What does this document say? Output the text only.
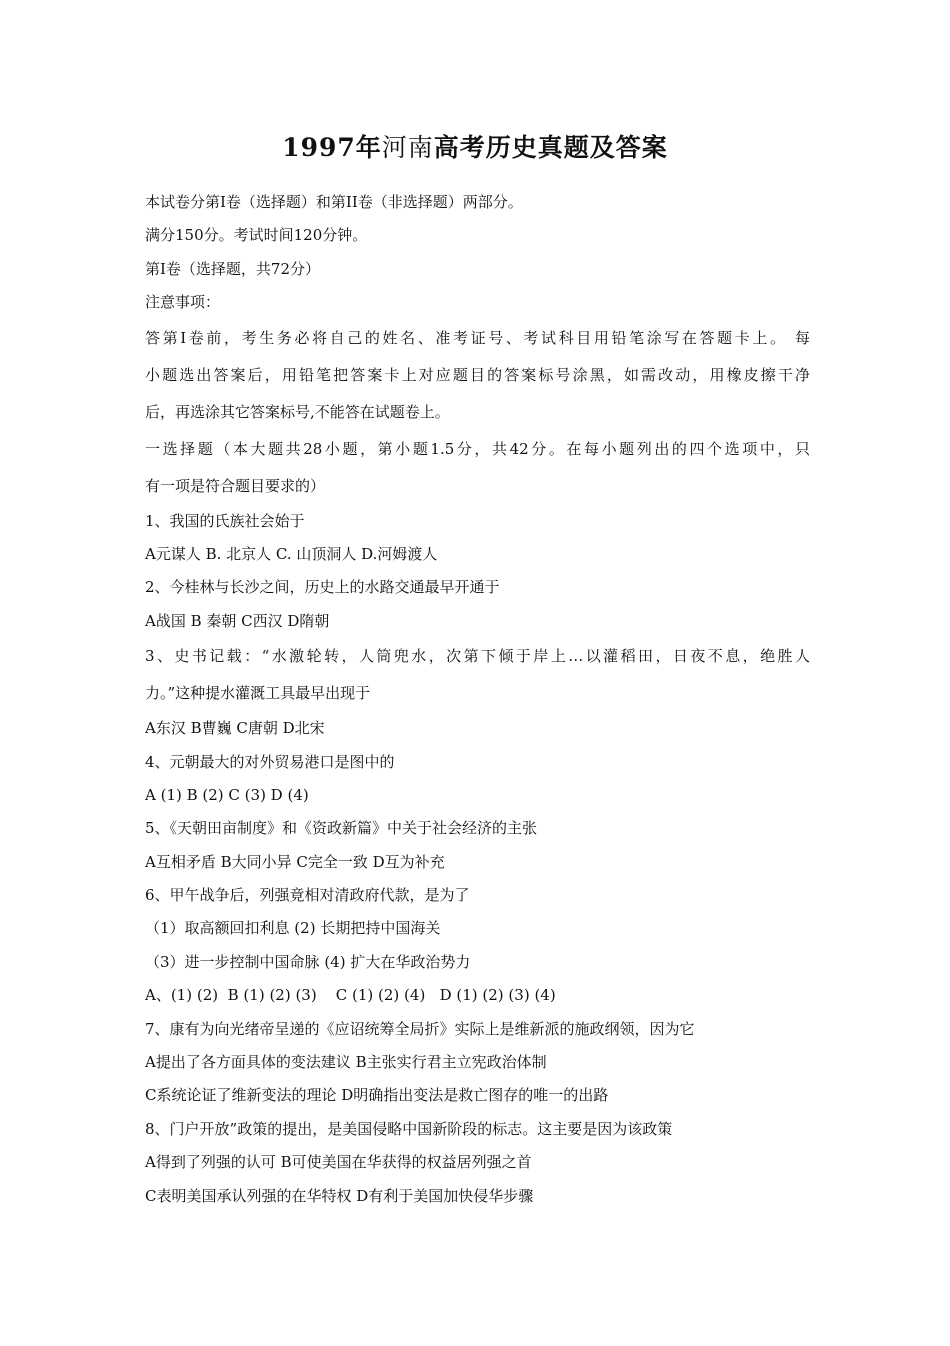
1997年河南高考历史真题及答案
本试卷分第I卷（选择题）和第II卷（非选择题）两部分。
满分150分。考试时间120分钟。
第I卷（选择题，共72分）
注意事项：
答第I卷前，考生务必将自己的姓名、准考证号、考试科目用铅笔涂写在答题卡上。 每
小题选出答案后，用铅笔把答案卡上对应题目的答案标号涂黑，如需改动，用橡皮擦干净
后，再选涂其它答案标号,不能答在试题卷上。
一选择题（本大题共28小题，第小题1.5分，共42分。在每小题列出的四个选项中，只
有一项是符合题目要求的）
1、我国的氏族社会始于
A元谋人 B. 北京人 C. 山顶洞人 D.河姆渡人
2、今桂林与长沙之间，历史上的水路交通最早开通于
A战国 B 秦朝 C西汉 D隋朝
3、史书记载：“水激轮转，人筒兜水，次第下倾于岸上…以灌稻田，日夜不息，绝胜人
力。”这种提水灌溉工具最早出现于
A东汉 B曹巍 C唐朝 D北宋
4、元朝最大的对外贸易港口是图中的
A (1) B (2) C (3) D (4)
5、《天朝田亩制度》和《资政新篇》中关于社会经济的主张
A互相矛盾 B大同小异 C完全一致 D互为补充
6、甲午战争后，列强竟相对清政府代款，是为了
（1）取高额回扣利息 (2) 长期把持中国海关
（3）进一步控制中国命脉 (4) 扩大在华政治势力
A、(1) (2)  B (1) (2) (3)    C (1) (2) (4)   D (1) (2) (3) (4)
7、康有为向光绪帝呈递的《应诏统筹全局折》实际上是维新派的施政纲领，因为它
A提出了各方面具体的变法建议 B主张实行君主立宪政治体制
C系统论证了维新变法的理论 D明确指出变法是救亡图存的唯一的出路
8、门户开放”政策的提出，是美国侵略中国新阶段的标志。这主要是因为该政策
A得到了列强的认可 B可使美国在华获得的权益居列强之首
C表明美国承认列强的在华特权 D有利于美国加快侵华步骤
